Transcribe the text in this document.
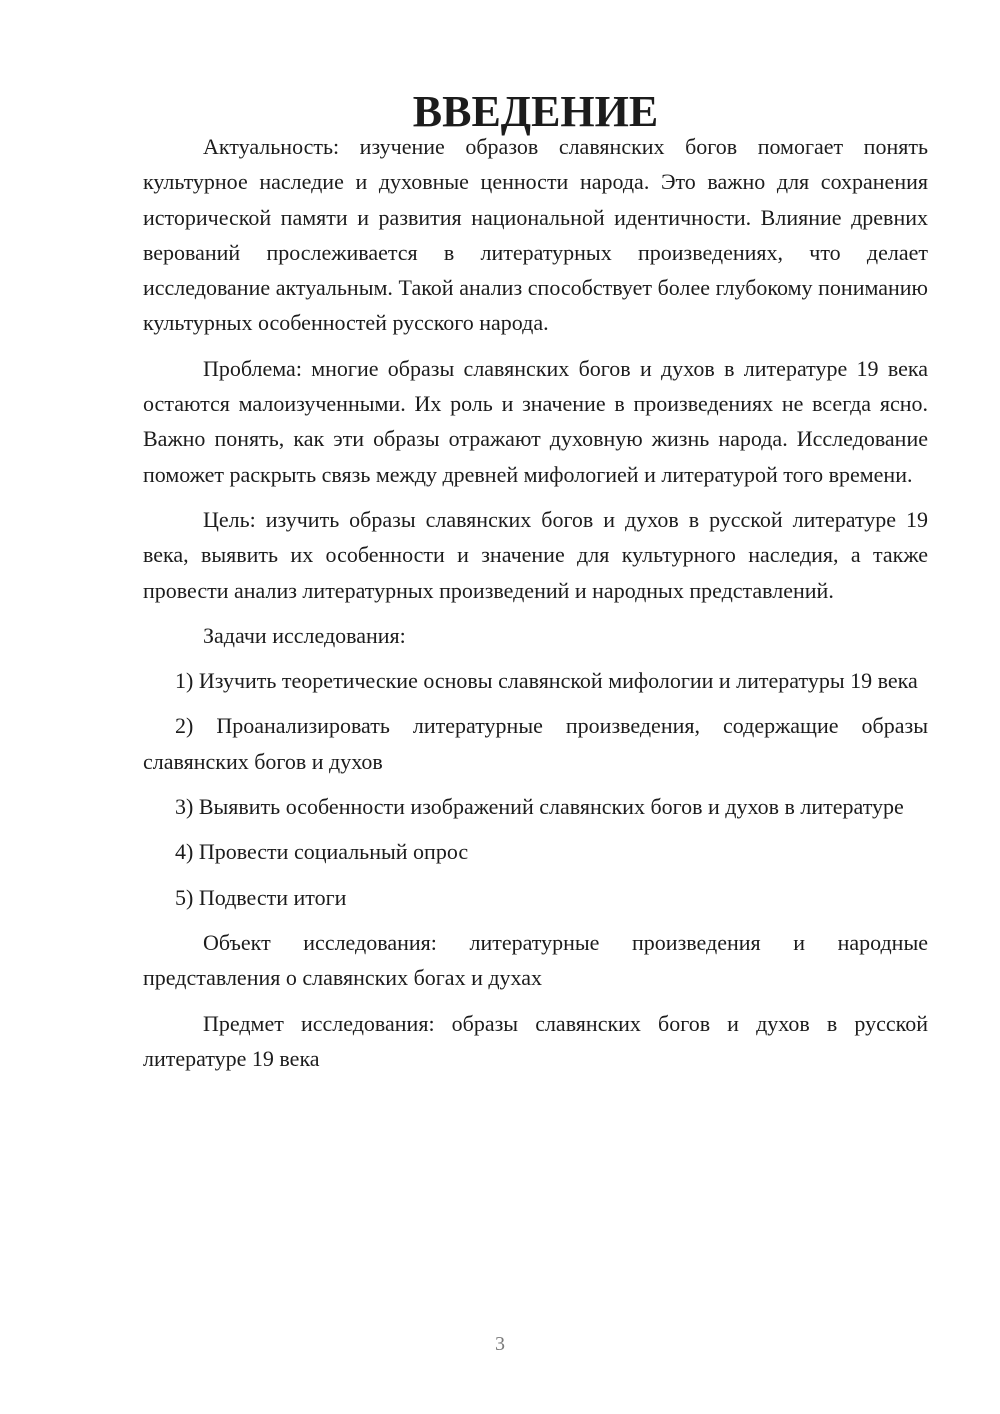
ВВЕДЕНИЕ

Актуальность: изучение образов славянских богов помогает понять культурное наследие и духовные ценности народа. Это важно для сохранения исторической памяти и развития национальной идентичности. Влияние древних верований прослеживается в литературных произведениях, что делает исследование актуальным. Такой анализ способствует более глубокому пониманию культурных особенностей русского народа.

Проблема: многие образы славянских богов и духов в литературе 19 века остаются малоизученными. Их роль и значение в произведениях не всегда ясно. Важно понять, как эти образы отражают духовную жизнь народа. Исследование поможет раскрыть связь между древней мифологией и литературой того времени.

Цель: изучить образы славянских богов и духов в русской литературе 19 века, выявить их особенности и значение для культурного наследия, а также провести анализ литературных произведений и народных представлений.

Задачи исследования:

1) Изучить теоретические основы славянской мифологии и литературы 19 века

2) Проанализировать литературные произведения, содержащие образы славянских богов и духов

3) Выявить особенности изображений славянских богов и духов в литературе

4) Провести социальный опрос

5) Подвести итоги

Объект исследования: литературные произведения и народные представления о славянских богах и духах

Предмет исследования: образы славянских богов и духов в русской литературе 19 века

3
